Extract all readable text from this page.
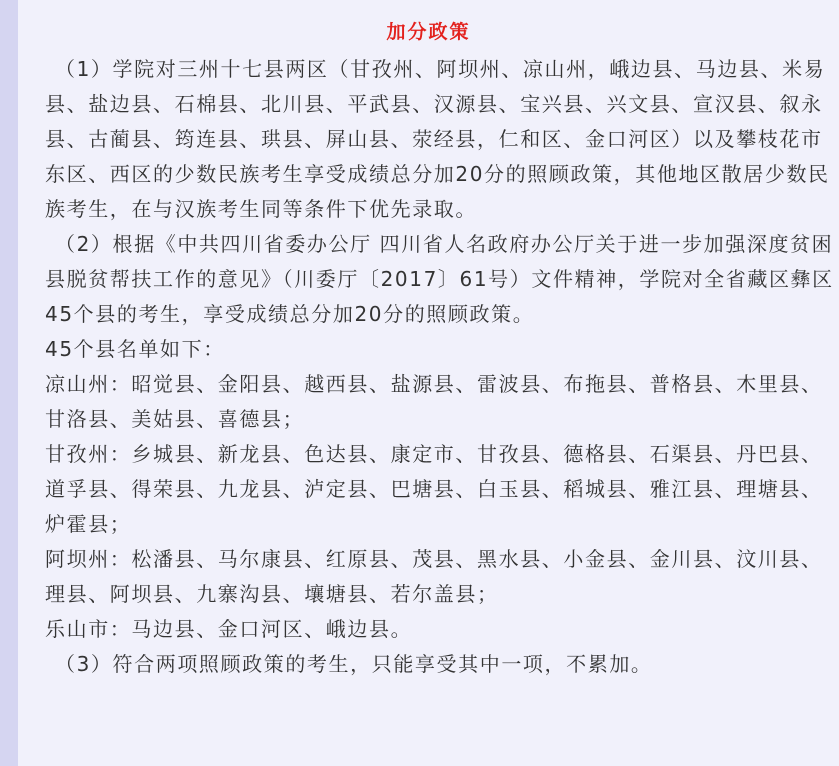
加分政策

（1）学院对三州十七县两区（甘孜州、阿坝州、凉山州，峨边县、马边县、米易县、盐边县、石棉县、北川县、平武县、汉源县、宝兴县、兴文县、宣汉县、叙永县、古蔺县、筠连县、珙县、屏山县、荥经县，仁和区、金口河区）以及攀枝花市东区、西区的少数民族考生享受成绩总分加20分的照顾政策，其他地区散居少数民族考生，在与汉族考生同等条件下优先录取。

（2）根据《中共四川省委办公厅 四川省人名政府办公厅关于进一步加强深度贫困县脱贫帮扶工作的意见》（川委厅〔2017〕61号）文件精神，学院对全省藏区彝区45个县的考生，享受成绩总分加20分的照顾政策。

45个县名单如下：

凉山州：昭觉县、金阳县、越西县、盐源县、雷波县、布拖县、普格县、木里县、甘洛县、美姑县、喜德县；

甘孜州：乡城县、新龙县、色达县、康定市、甘孜县、德格县、石渠县、丹巴县、道孚县、得荣县、九龙县、泸定县、巴塘县、白玉县、稻城县、雅江县、理塘县、炉霍县；

阿坝州：松潘县、马尔康县、红原县、茂县、黑水县、小金县、金川县、汶川县、理县、阿坝县、九寨沟县、壤塘县、若尔盖县；

乐山市：马边县、金口河区、峨边县。

（3）符合两项照顾政策的考生，只能享受其中一项，不累加。
